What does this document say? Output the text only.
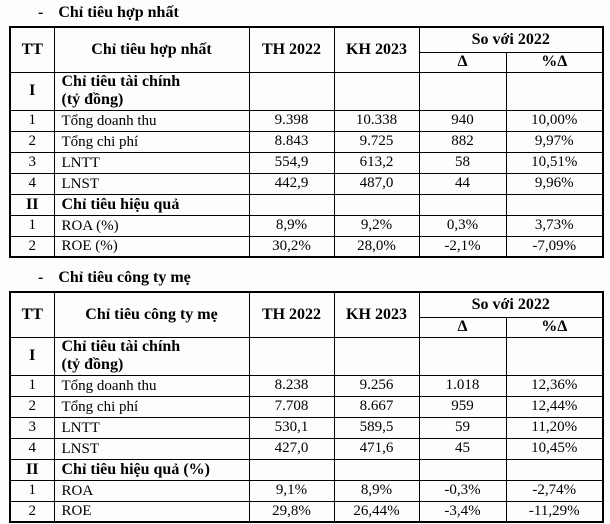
- Chỉ tiêu hợp nhất
TT	Chỉ tiêu hợp nhất	TH 2022	KH 2023	So với 2022	
				Δ	%Δ
I	Chỉ tiêu tài chính
(tỷ đồng)				

1	Tổng doanh thu	9.398	10.338	940	10,00%
2	Tổng chi phí	8.843	9.725	882	9,97%
3	LNTT	554,9	613,2	58	10,51%
4	LNST	442,9	487,0	44	9,96%
II	Chỉ tiêu hiệu quả				
1	ROA (%)	8,9%	9,2%	0,3%	3,73%
2	ROE (%)	30,2%	28,0%	-2,1%	-7,09%
- Chỉ tiêu công ty mẹ
TT	Chỉ tiêu công ty mẹ	TH 2022	KH 2023	So với 2022	
				Δ	%Δ
I	Chỉ tiêu tài chính
(tỷ đồng)				

1	Tổng doanh thu	8.238	9.256	1.018	12,36%
2	Tổng chi phí	7.708	8.667	959	12,44%
3	LNTT	530,1	589,5	59	11,20%
4	LNST	427,0	471,6	45	10,45%
II	Chỉ tiêu hiệu quả (%)				
1	ROA	9,1%	8,9%	-0,3%	-2,74%
2	ROE	29,8%	26,44%	-3,4%	-11,29%
